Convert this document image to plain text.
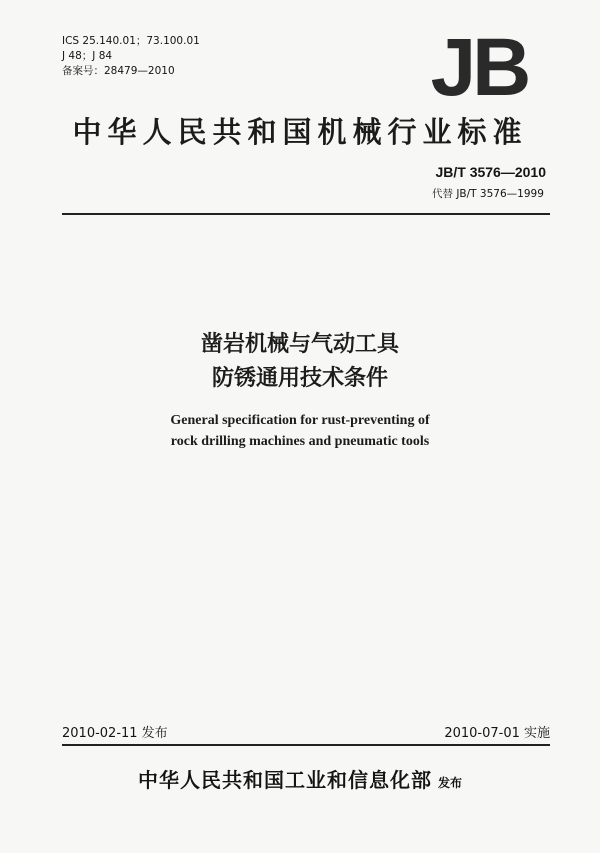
ICS 25.140.01；73.100.01
J 48；J 84
备案号：28479—2010	JB
中华人民共和国机械行业标准
JB/T 3576—2010
代替 JB/T 3576—1999
凿岩机械与气动工具
防锈通用技术条件
General specification for rust-preventing of
rock drilling machines and pneumatic tools
2010-02-11 发布	2010-07-01 实施
中华人民共和国工业和信息化部 发布
